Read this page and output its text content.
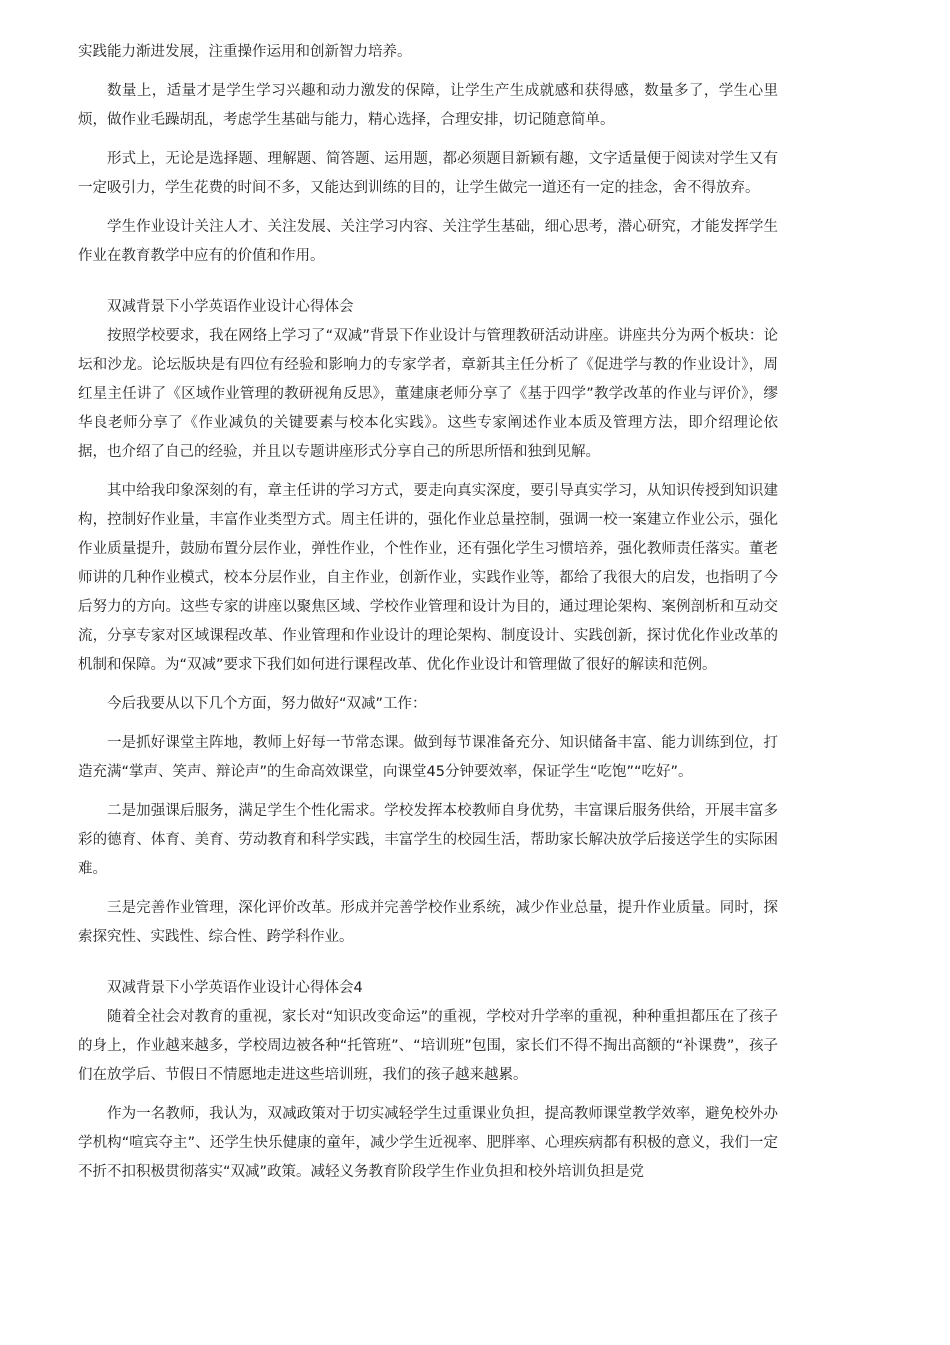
实践能力渐进发展，注重操作运用和创新智力培养。

数量上，适量才是学生学习兴趣和动力激发的保障，让学生产生成就感和获得感，数量多了，学生心里烦，做作业毛躁胡乱，考虑学生基础与能力，精心选择，合理安排，切记随意简单。

形式上，无论是选择题、理解题、简答题、运用题，都必须题目新颖有趣，文字适量便于阅读对学生又有一定吸引力，学生花费的时间不多，又能达到训练的目的，让学生做完一道还有一定的挂念，舍不得放弃。

学生作业设计关注人才、关注发展、关注学习内容、关注学生基础，细心思考，潜心研究，才能发挥学生作业在教育教学中应有的价值和作用。

双减背景下小学英语作业设计心得体会

按照学校要求，我在网络上学习了“双减”背景下作业设计与管理教研活动讲座。讲座共分为两个板块：论坛和沙龙。论坛版块是有四位有经验和影响力的专家学者，章新其主任分析了《促进学与教的作业设计》，周红星主任讲了《区域作业管理的教研视角反思》，董建康老师分享了《基于四学”教学改革的作业与评价》，缪华良老师分享了《作业减负的关键要素与校本化实践》。这些专家阐述作业本质及管理方法，即介绍理论依据，也介绍了自己的经验，并且以专题讲座形式分享自己的所思所悟和独到见解。

其中给我印象深刻的有，章主任讲的学习方式，要走向真实深度，要引导真实学习，从知识传授到知识建构，控制好作业量，丰富作业类型方式。周主任讲的，强化作业总量控制，强调一校一案建立作业公示，强化作业质量提升，鼓励布置分层作业，弹性作业，个性作业，还有强化学生习惯培养，强化教师责任落实。董老师讲的几种作业模式，校本分层作业，自主作业，创新作业，实践作业等，都给了我很大的启发，也指明了今后努力的方向。这些专家的讲座以聚焦区域、学校作业管理和设计为目的，通过理论架构、案例剖析和互动交流，分享专家对区域课程改革、作业管理和作业设计的理论架构、制度设计、实践创新，探讨优化作业改革的机制和保障。为“双减”要求下我们如何进行课程改革、优化作业设计和管理做了很好的解读和范例。

今后我要从以下几个方面，努力做好“双减”工作：

一是抓好课堂主阵地，教师上好每一节常态课。做到每节课准备充分、知识储备丰富、能力训练到位，打造充满“掌声、笑声、辩论声”的生命高效课堂，向课堂45分钟要效率，保证学生“吃饱”“吃好”。

二是加强课后服务，满足学生个性化需求。学校发挥本校教师自身优势，丰富课后服务供给，开展丰富多彩的德育、体育、美育、劳动教育和科学实践，丰富学生的校园生活，帮助家长解决放学后接送学生的实际困难。

三是完善作业管理，深化评价改革。形成并完善学校作业系统，减少作业总量，提升作业质量。同时，探索探究性、实践性、综合性、跨学科作业。

双减背景下小学英语作业设计心得体会4

随着全社会对教育的重视，家长对“知识改变命运”的重视，学校对升学率的重视，种种重担都压在了孩子的身上，作业越来越多，学校周边被各种“托管班”、“培训班”包围，家长们不得不掏出高额的“补课费”，孩子们在放学后、节假日不情愿地走进这些培训班，我们的孩子越来越累。

作为一名教师，我认为，双减政策对于切实减轻学生过重课业负担，提高教师课堂教学效率，避免校外办学机构“喧宾夺主”、还学生快乐健康的童年，减少学生近视率、肥胖率、心理疾病都有积极的意义，我们一定不折不扣积极贯彻落实“双减”政策。减轻义务教育阶段学生作业负担和校外培训负担是党
